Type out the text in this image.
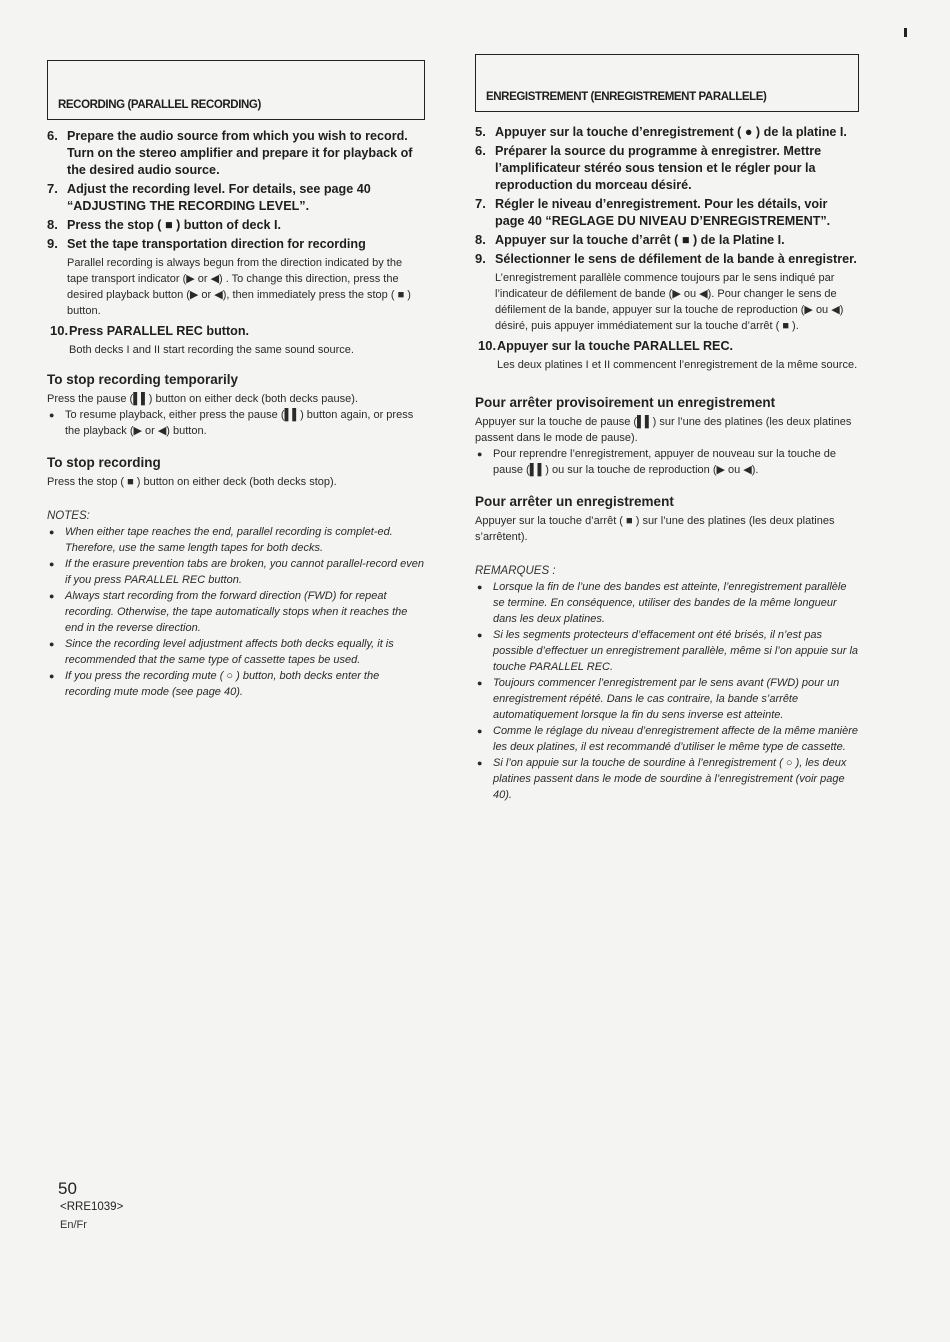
RECORDING (PARALLEL RECORDING)
6. Prepare the audio source from which you wish to record. Turn on the stereo amplifier and prepare it for playback of the desired audio source.
7. Adjust the recording level. For details, see page 40 “ADJUSTING THE RECORDING LEVEL”.
8. Press the stop ( ■ ) button of deck I.
9. Set the tape transportation direction for recording
Parallel recording is always begun from the direction indicated by the tape transport indicator (▶ or ◀) . To change this direction, press the desired playback button (▶ or ◀), then immediately press the stop ( ■ ) button.
10. Press PARALLEL REC button.
Both decks I and II start recording the same sound source.
To stop recording temporarily

Press the pause (▌▌) button on either deck (both decks pause).

● To resume playback, either press the pause (▌▌) button again, or press the playback (▶ or ◀) button.
To stop recording

Press the stop ( ■ ) button on either deck (both decks stop).

NOTES:
● When either tape reaches the end, parallel recording is complet-ed. Therefore, use the same length tapes for both decks.
● If the erasure prevention tabs are broken, you cannot parallel-record even if you press PARALLEL REC button.
● Always start recording from the forward direction (FWD) for repeat recording. Otherwise, the tape automatically stops when it reaches the end in the reverse direction.
● Since the recording level adjustment affects both decks equally, it is recommended that the same type of cassette tapes be used.
● If you press the recording mute ( ○ ) button, both decks enter the recording mute mode (see page 40).
ENREGISTREMENT (ENREGISTREMENT PARALLELE)
5. Appuyer sur la touche d’enregistrement ( ● ) de la platine I.
6. Préparer la source du programme à enregistrer. Mettre l’amplificateur stéréo sous tension et le régler pour la reproduction du morceau désiré.
7. Régler le niveau d’enregistrement. Pour les détails, voir page 40 “REGLAGE DU NIVEAU D’ENREGISTREMENT”.
8. Appuyer sur la touche d’arrêt ( ■ ) de la Platine I.
9. Sélectionner le sens de défilement de la bande à enregistrer.
L’enregistrement parallèle commence toujours par le sens indiqué par l’indicateur de défilement de bande (▶ ou ◀). Pour changer le sens de défilement de la bande, appuyer sur la touche de reproduction (▶ ou ◀) désiré, puis appuyer immédiatement sur la touche d’arrêt ( ■ ).
10. Appuyer sur la touche PARALLEL REC.
Les deux platines I et II commencent l’enregistrement de la même source.
Pour arrêter provisoirement un enregistrement

Appuyer sur la touche de pause (▌▌) sur l’une des platines (les deux platines passent dans le mode de pause).

● Pour reprendre l’enregistrement, appuyer de nouveau sur la touche de pause (▌▌) ou sur la touche de reproduction (▶ ou ◀).
Pour arrêter un enregistrement

Appuyer sur la touche d’arrêt ( ■ ) sur l’une des platines (les deux platines s’arrêtent).

REMARQUES :
● Lorsque la fin de l’une des bandes est atteinte, l’enregistrement parallèle se termine. En conséquence, utiliser des bandes de la même longueur dans les deux platines.
● Si les segments protecteurs d’effacement ont été brisés, il n’est pas possible d’effectuer un enregistrement parallèle, même si l’on appuie sur la touche PARALLEL REC.
● Toujours commencer l’enregistrement par le sens avant (FWD) pour un enregistrement répété. Dans le cas contraire, la bande s’arrête automatiquement lorsque la fin du sens inverse est atteinte.
● Comme le réglage du niveau d’enregistrement affecte de la même manière les deux platines, il est recommandé d’utiliser le même type de cassette.
● Si l’on appuie sur la touche de sourdine à l’enregistrement ( ○ ), les deux platines passent dans le mode de sourdine à l’enregistrement (voir page 40).
50
<RRE1039>
En/Fr
